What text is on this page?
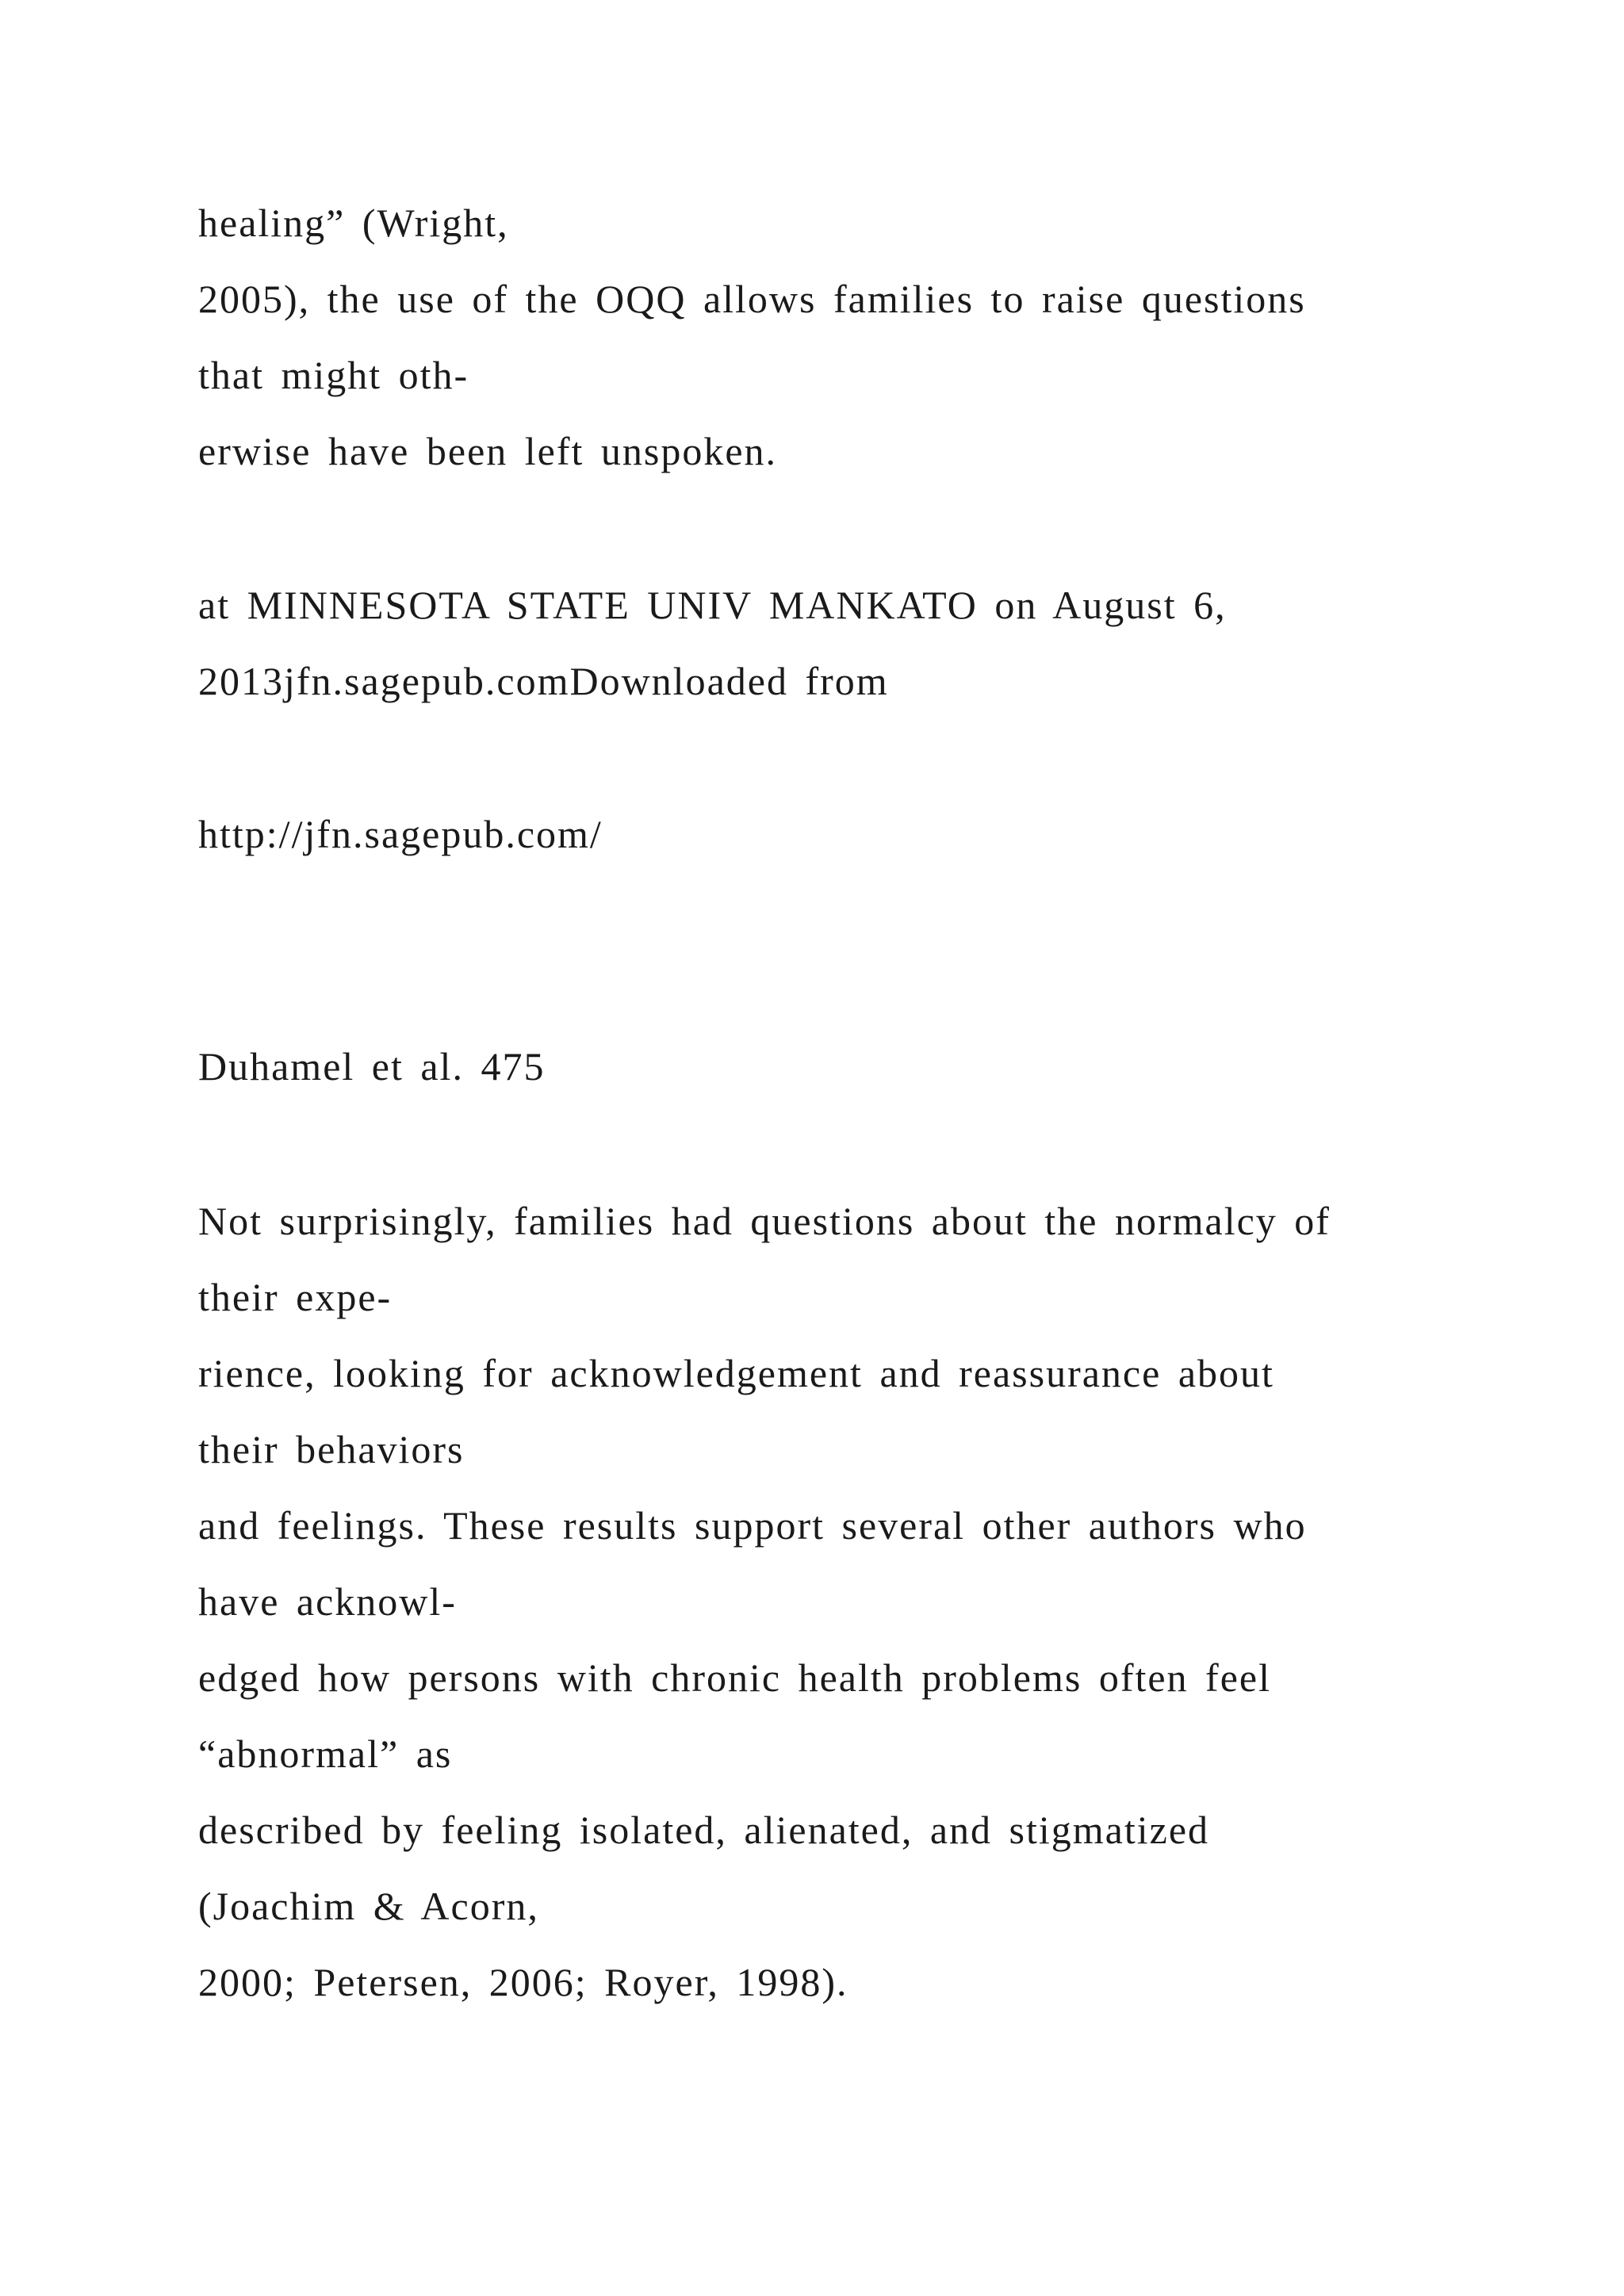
healing” (Wright,

2005), the use of the OQQ allows families to raise questions

that might oth-

erwise have been left unspoken.

at MINNESOTA STATE UNIV MANKATO on August 6,

2013jfn.sagepub.comDownloaded from

http://jfn.sagepub.com/

Duhamel et al. 475

Not surprisingly, families had questions about the normalcy of

their expe-

rience, looking for acknowledgement and reassurance about

their behaviors

and feelings. These results support several other authors who

have acknowl-

edged how persons with chronic health problems often feel

“abnormal” as

described by feeling isolated, alienated, and stigmatized

(Joachim & Acorn,

2000; Petersen, 2006; Royer, 1998).
